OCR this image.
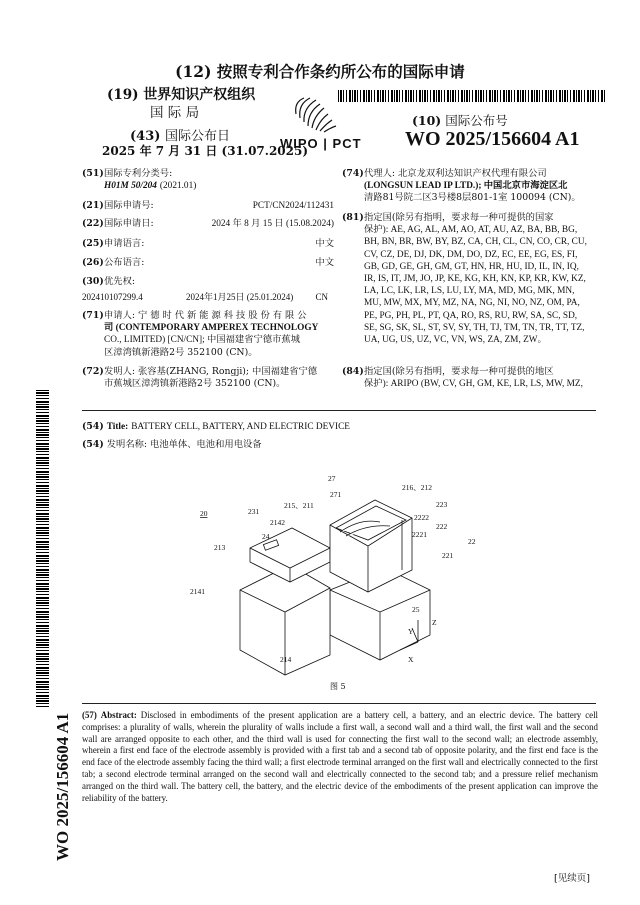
(12) 按照专利合作条约所公布的国际申请
(19) 世界知识产权组织
国 际 局
(43) 国际公布日
2025 年 7 月 31 日 (31.07.2025)
WIPO | PCT
(10) 国际公布号
WO 2025/156604 A1
(51)国际专利分类号:
H01M 50/204 (2021.01)
(21)国际申请号:	PCT/CN2024/112431
(22)国际申请日:	2024 年 8 月 15 日 (15.08.2024)
(25)申请语言:	中文
(26)公布语言:	中文
(30)优先权:
202410107299.4	2024年1月25日 (25.01.2024) CN
(71)申请人: 宁 德 时 代 新 能 源 科 技 股 份 有 限 公
司 (CONTEMPORARY AMPEREX TECHNOLOGY
CO., LIMITED) [CN/CN]; 中国福建省宁德市蕉城
区漳湾镇新港路2号 352100 (CN)。
(72)发明人: 张容基(ZHANG, Rongji); 中国福建省宁德
市蕉城区漳湾镇新港路2号 352100 (CN)。
(74)代理人: 北京龙双利达知识产权代理有限公司
(LONGSUN LEAD IP LTD.); 中国北京市海淀区北
清路81号院二区3号楼8层801-1室 100094 (CN)。
(81)指定国(除另有指明，要求每一种可提供的国家
保护): AE, AG, AL, AM, AO, AT, AU, AZ, BA, BB, BG,
BH, BN, BR, BW, BY, BZ, CA, CH, CL, CN, CO, CR, CU,
CV, CZ, DE, DJ, DK, DM, DO, DZ, EC, EE, EG, ES, FI,
GB, GD, GE, GH, GM, GT, HN, HR, HU, ID, IL, IN, IQ,
IR, IS, IT, JM, JO, JP, KE, KG, KH, KN, KP, KR, KW, KZ,
LA, LC, LK, LR, LS, LU, LY, MA, MD, MG, MK, MN,
MU, MW, MX, MY, MZ, NA, NG, NI, NO, NZ, OM, PA,
PE, PG, PH, PL, PT, QA, RO, RS, RU, RW, SA, SC, SD,
SE, SG, SK, SL, ST, SV, SY, TH, TJ, TM, TN, TR, TT, TZ,
UA, UG, US, UZ, VC, VN, WS, ZA, ZM, ZW。
(84)指定国(除另有指明，要求每一种可提供的地区
保护): ARIPO (BW, CV, GH, GM, KE, LR, LS, MW, MZ,
(54) Title: BATTERY CELL, BATTERY, AND ELECTRIC DEVICE
(54) 发明名称: 电池单体、电池和用电设备
27
216、212
223
271
215、211
231
20	2222
2142	222
2221
24
22
213
221
2141
25
214
Z
Y
X
图 5
(57) Abstract: Disclosed in embodiments of the present application are a battery cell, a battery, and an electric device. The battery cell comprises: a plurality of walls, wherein the plurality of walls include a first wall, a second wall and a third wall, the first wall and the second wall are arranged opposite to each other, and the third wall is used for connecting the first wall to the second wall; an electrode assembly, wherein a first end face of the electrode assembly is provided with a first tab and a second tab of opposite polarity, and the first end face is the end face of the electrode assembly facing the third wall; a first electrode terminal arranged on the first wall and electrically connected to the first tab; a second electrode terminal arranged on the second wall and electrically connected to the second tab; and a pressure relief mechanism arranged on the third wall. The battery cell, the battery, and the electric device of the embodiments of the present application can improve the reliability of the battery.
WO 2025/156604 A1
[见续页]
